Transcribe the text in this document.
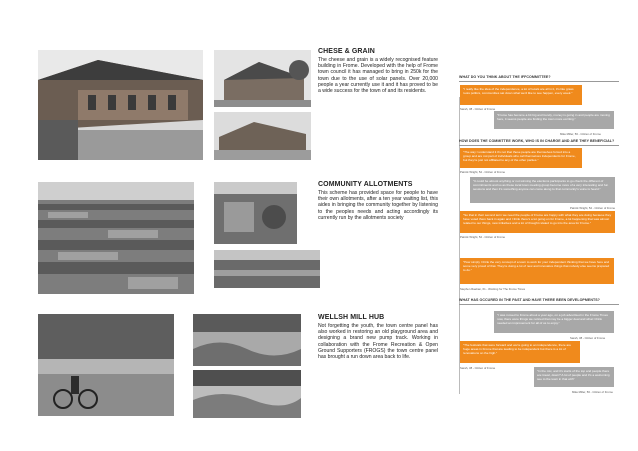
CHESE & GRAIN
The cheese and grain is a widely recognised feature building in Frome. Developed with the help of Frome town council it has managed to bring in 250k for the town due to the use of solar panels. Over 20,000 people a year currently use it and it has proved to be a wide success for the town of and its residents.
COMMUNITY ALLOTMENTS
This scheme has provided space for people to have their own allotments, after a ten year waiting list, this aides in bringing the community together by listening to the peoples needs and acting accordingly its currently run by the allotments society
WELLSH MILL HUB
Not forgetting the youth, the town centre panel has also worked in restoring an old playground area and designing a brand new pump track. Working in collaboration with the Frome Recreation & Open Ground Supporters (FROGS) the town centre panel has brought a run down area back to life.
WHAT DO YOU THINK ABOUT THE IFFCOMMITTEE?
"I really like the idea of the independence, a lot of locals are all in it, it's like grass roots politics, communities sat down what we'd like to see happen, every week."
Sarah, 38 - Citizen of Frome
"Frome has become a bit big and trendy, money is going in and people are moving here, it seems people are finding the town more exciting."
Mike Miller, 56 - Citizen of Frome
HOW DOES THE COMMITTEE WORK, WHO IS IN CHARGE AND ARE THEY BENEFICIAL?
"The way I understand it it's not that these people are themselves forced into a group and are not part of individuals who call themselves Independents for Frome, but they're just not affiliated to any of the other parties."
Patrick Wright, 52 - Citizen of Frome
"It could be almost anything or not winning the elections participants to go check the different of commitments and so as these local town meeting group become more of a very interesting and fun sessions and then it's something anyone can come along to that community's voice is heard."
Patrick Wright, 52 - Citizen of Frome
"So that in their second term we need the people of Frome are happy with what they are doing because they have voted them back in again and I think there's a lot going on for Frome, a lot happening that was almost related to our things, new initiatives and a lot of thought related to go into the area for Frome."
Patrick Wright, 52 - Citizen of Frome
"How simply I think the very concept of a town to work for your independent thinking that we have here and some very proud of that. They're doing a lot of new and innovative things that nobody else seems prepared to do."
Stephen Raeban, 61 - Working for The Frome Times
WHAT HAS OCCURED IN THE PAST AND HAVE THERE BEEN DEVELOPMENTS?
"I was moved to Frome about a year ago, on a job advertised in the Frome Times now, there were things we noticed that may be a bigger deal and what I think needed an improvement for all of us to enjoy."
Sarah, 38 - Citizen of Frome
"The festivals that were forward and we're going to an independence, there are huge areas in Frome that are leading to be independent but there is a lot of renovations on the high."
Sarah, 38 - Citizen of Frome
"In the mix, and it's starts of the top and people there are travel, down? A lot of people and it's a welcoming see to the town in that with"
Mike Miller, 56 - Citizen of Frome
